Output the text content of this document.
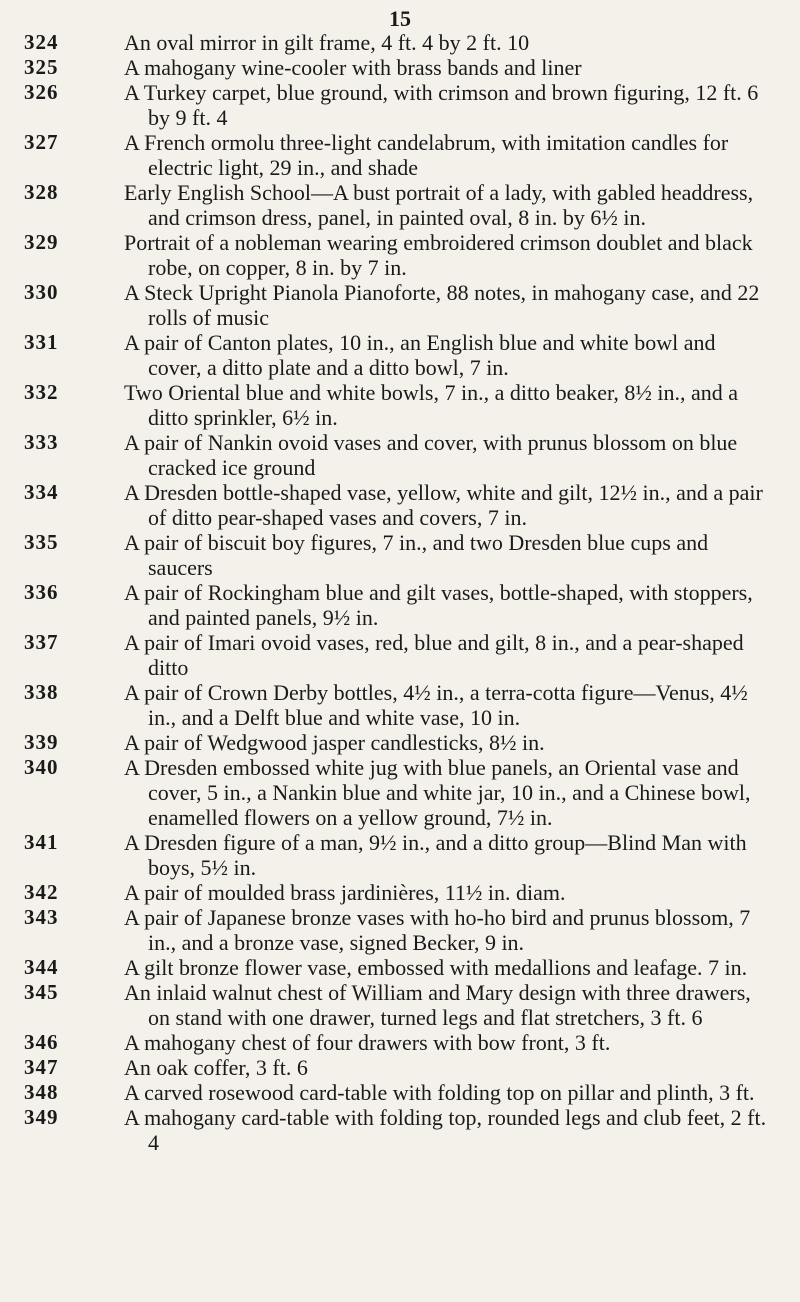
15
324	An oval mirror in gilt frame, 4 ft. 4 by 2 ft. 10
325	A mahogany wine-cooler with brass bands and liner
326	A Turkey carpet, blue ground, with crimson and brown figuring, 12 ft. 6 by 9 ft. 4
327	A French ormolu three-light candelabrum, with imitation candles for electric light, 29 in., and shade
328	Early English School—A bust portrait of a lady, with gabled headdress, and crimson dress, panel, in painted oval, 8 in. by 6½ in.
329	Portrait of a nobleman wearing embroidered crimson doublet and black robe, on copper, 8 in. by 7 in.
330	A Steck Upright Pianola Pianoforte, 88 notes, in mahogany case, and 22 rolls of music
331	A pair of Canton plates, 10 in., an English blue and white bowl and cover, a ditto plate and a ditto bowl, 7 in.
332	Two Oriental blue and white bowls, 7 in., a ditto beaker, 8½ in., and a ditto sprinkler, 6½ in.
333	A pair of Nankin ovoid vases and cover, with prunus blossom on blue cracked ice ground
334	A Dresden bottle-shaped vase, yellow, white and gilt, 12½ in., and a pair of ditto pear-shaped vases and covers, 7 in.
335	A pair of biscuit boy figures, 7 in., and two Dresden blue cups and saucers
336	A pair of Rockingham blue and gilt vases, bottle-shaped, with stoppers, and painted panels, 9½ in.
337	A pair of Imari ovoid vases, red, blue and gilt, 8 in., and a pear-shaped ditto
338	A pair of Crown Derby bottles, 4½ in., a terra-cotta figure—Venus, 4½ in., and a Delft blue and white vase, 10 in.
339	A pair of Wedgwood jasper candlesticks, 8½ in.
340	A Dresden embossed white jug with blue panels, an Oriental vase and cover, 5 in., a Nankin blue and white jar, 10 in., and a Chinese bowl, enamelled flowers on a yellow ground, 7½ in.
341	A Dresden figure of a man, 9½ in., and a ditto group—Blind Man with boys, 5½ in.
342	A pair of moulded brass jardinières, 11½ in. diam.
343	A pair of Japanese bronze vases with ho-ho bird and prunus blossom, 7 in., and a bronze vase, signed Becker, 9 in.
344	A gilt bronze flower vase, embossed with medallions and leafage. 7 in.
345	An inlaid walnut chest of William and Mary design with three drawers, on stand with one drawer, turned legs and flat stretchers, 3 ft. 6
346	A mahogany chest of four drawers with bow front, 3 ft.
347	An oak coffer, 3 ft. 6
348	A carved rosewood card-table with folding top on pillar and plinth, 3 ft.
349	A mahogany card-table with folding top, rounded legs and club feet, 2 ft. 4
